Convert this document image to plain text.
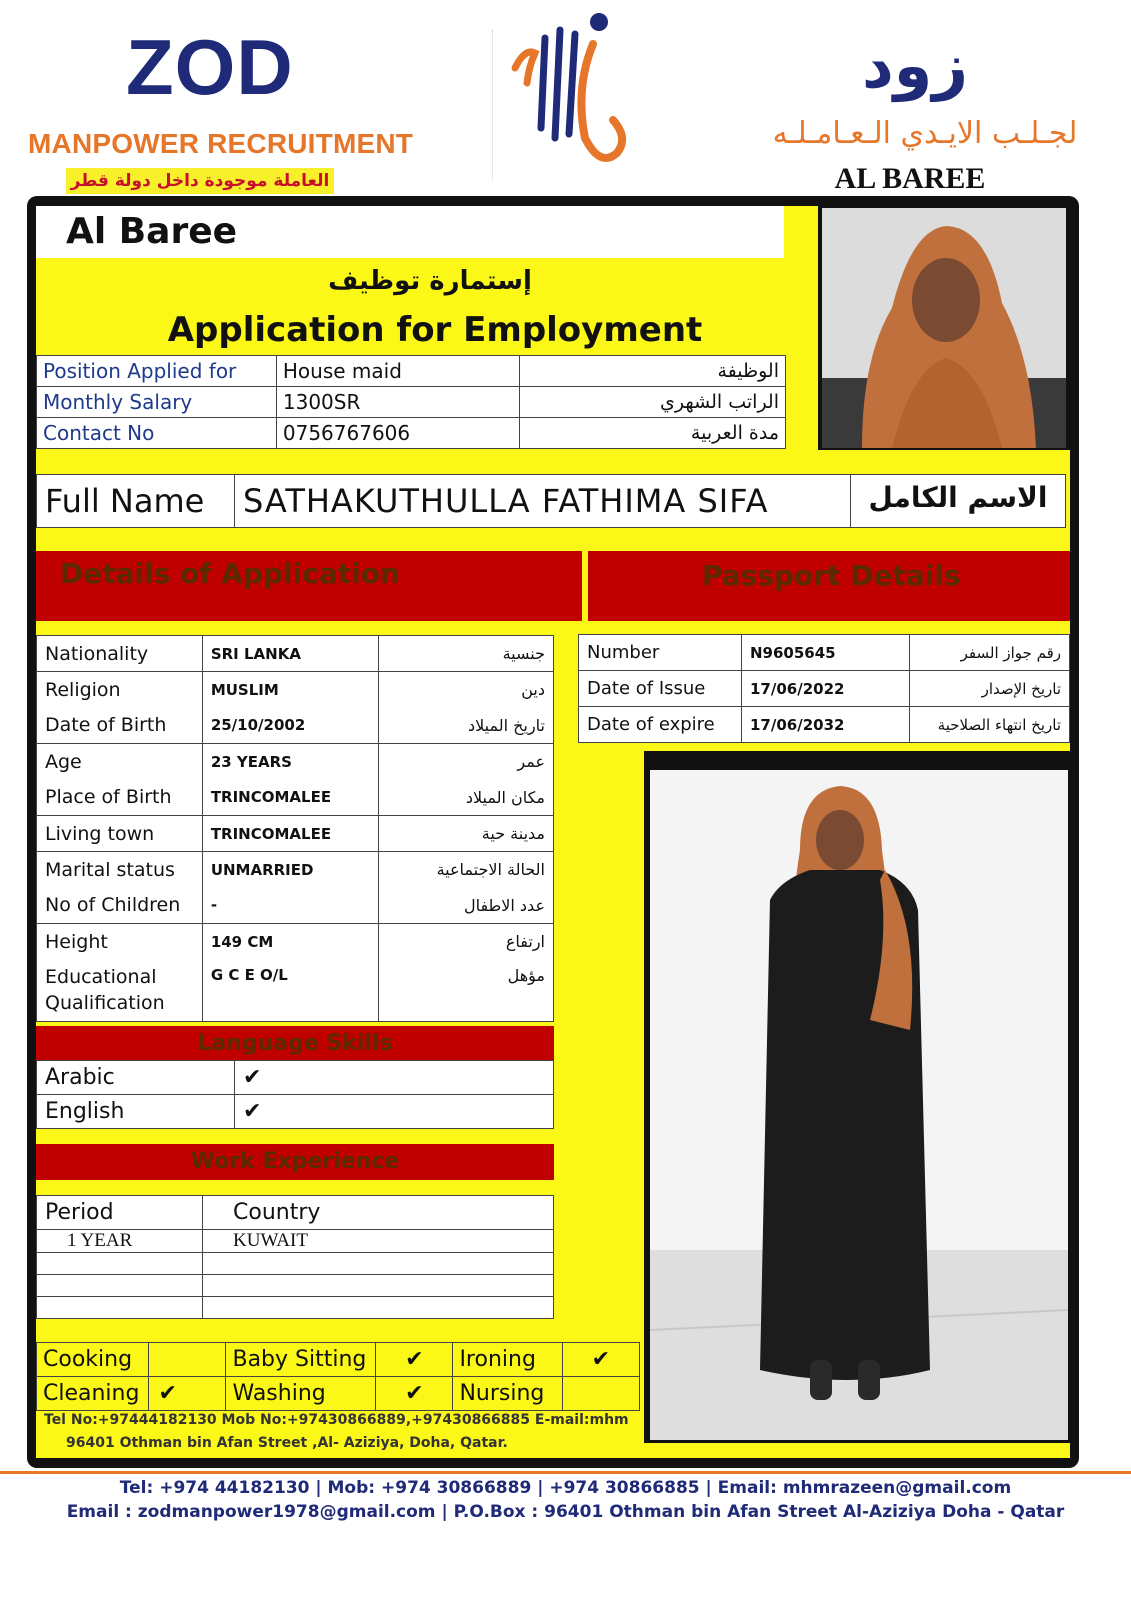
ZOD
MANPOWER RECRUITMENT
العاملة موجودة داخل دولة قطر
زود
لجـلـب الايـدي الـعـامـلـه
AL BAREE
Al Baree
إستمارة توظيف
Application for Employment
Position Applied for	House maid	الوظيفة
Monthly Salary	1300SR	الراتب الشهري
Contact No	0756767606	مدة العربية
Full Name	SATHAKUTHULLA FATHIMA SIFA	الاسم الكامل
Details of Application	Passport Details
Nationality	SRI LANKA	جنسية
Religion	MUSLIM	دين
Date of Birth	25/10/2002	تاريخ الميلاد
Age	23 YEARS	عمر
Place of Birth	TRINCOMALEE	مكان الميلاد
Living town	TRINCOMALEE	مدينة حية
Marital status	UNMARRIED	الحالة الاجتماعية
No of Children	-	عدد الاطفال
Height	149 CM	ارتفاع
Educational Qualification	G C E O/L	مؤهل
Number	N9605645	رقم جواز السفر
Date of Issue	17/06/2022	تاريخ الإصدار
Date of expire	17/06/2032	تاريخ انتهاء الصلاحية
Language Skills
Arabic	✔
English	✔
Work Experience
Period	Country
1 YEAR	KUWAIT

Cooking		Baby Sitting	✔	Ironing	✔
Cleaning	✔	Washing	✔	Nursing	
Tel No:+97444182130 Mob No:+97430866889,+97430866885 E-mail:mhm
96401 Othman bin Afan Street ,Al- Aziziya, Doha, Qatar.
Tel: +974 44182130 | Mob: +974 30866889 | +974 30866885 | Email: mhmrazeen@gmail.com
Email : zodmanpower1978@gmail.com | P.O.Box : 96401 Othman bin Afan Street Al-Aziziya Doha - Qatar
